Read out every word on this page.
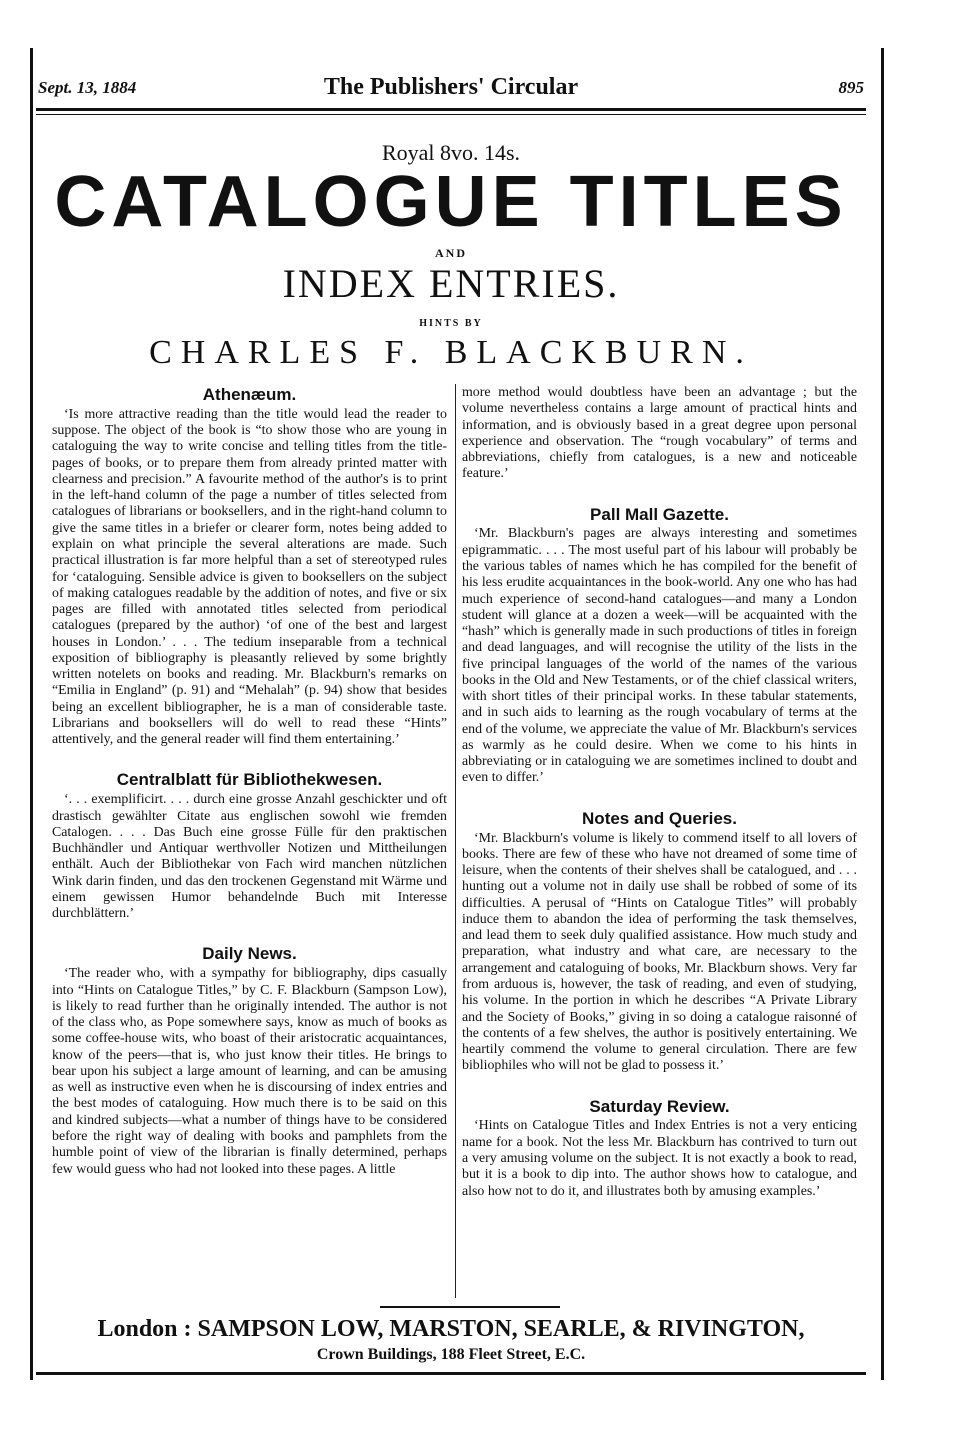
Sept. 13, 1884	The Publishers' Circular	895
Royal 8vo. 14s.
CATALOGUE TITLES
AND
INDEX ENTRIES.
HINTS BY
CHARLES F. BLACKBURN.
Athenæum.

‘Is more attractive reading than the title would lead the reader to suppose. The object of the book is “to show those who are young in cataloguing the way to write concise and telling titles from the title-pages of books, or to prepare them from already printed matter with clearness and precision.” A favourite method of the author's is to print in the left-hand column of the page a number of titles selected from catalogues of librarians or booksellers, and in the right-hand column to give the same titles in a briefer or clearer form, notes being added to explain on what principle the several alterations are made. Such practical illustration is far more helpful than a set of stereotyped rules for ‘cataloguing. Sensible advice is given to booksellers on the subject of making catalogues readable by the addition of notes, and five or six pages are filled with annotated titles selected from periodical catalogues (prepared by the author) ‘of one of the best and largest houses in London.’ . . . The tedium inseparable from a technical exposition of bibliography is pleasantly relieved by some brightly written notelets on books and reading. Mr. Blackburn's remarks on “Emilia in England” (p. 91) and “Mehalah” (p. 94) show that besides being an excellent bibliographer, he is a man of considerable taste. Librarians and booksellers will do well to read these “Hints” attentively, and the general reader will find them entertaining.’

Centralblatt für Bibliothekwesen.

‘. . . exemplificirt. . . . durch eine grosse Anzahl geschickter und oft drastisch gewählter Citate aus englischen sowohl wie fremden Catalogen. . . . Das Buch eine grosse Fülle für den praktischen Buchhändler und Antiquar werthvoller Notizen und Mittheilungen enthält. Auch der Bibliothekar von Fach wird manchen nützlichen Wink darin finden, und das den trockenen Gegenstand mit Wärme und einem gewissen Humor behandelnde Buch mit Interesse durchblättern.’

Daily News.

‘The reader who, with a sympathy for bibliography, dips casually into “Hints on Catalogue Titles,” by C. F. Blackburn (Sampson Low), is likely to read further than he originally intended. The author is not of the class who, as Pope somewhere says, know as much of books as some coffee-house wits, who boast of their aristocratic acquaintances, know of the peers—that is, who just know their titles. He brings to bear upon his subject a large amount of learning, and can be amusing as well as instructive even when he is discoursing of index entries and the best modes of cataloguing. How much there is to be said on this and kindred subjects—what a number of things have to be considered before the right way of dealing with books and pamphlets from the humble point of view of the librarian is finally determined, perhaps few would guess who had not looked into these pages. A little

more method would doubtless have been an advantage ; but the volume nevertheless contains a large amount of practical hints and information, and is obviously based in a great degree upon personal experience and observation. The “rough vocabulary” of terms and abbreviations, chiefly from catalogues, is a new and noticeable feature.’

Pall Mall Gazette.

‘Mr. Blackburn's pages are always interesting and sometimes epigrammatic. . . . The most useful part of his labour will probably be the various tables of names which he has compiled for the benefit of his less erudite acquaintances in the book-world. Any one who has had much experience of second-hand catalogues—and many a London student will glance at a dozen a week—will be acquainted with the “hash” which is generally made in such productions of titles in foreign and dead languages, and will recognise the utility of the lists in the five principal languages of the world of the names of the various books in the Old and New Testaments, or of the chief classical writers, with short titles of their principal works. In these tabular statements, and in such aids to learning as the rough vocabulary of terms at the end of the volume, we appreciate the value of Mr. Blackburn's services as warmly as he could desire. When we come to his hints in abbreviating or in cataloguing we are sometimes inclined to doubt and even to differ.’

Notes and Queries.

‘Mr. Blackburn's volume is likely to commend itself to all lovers of books. There are few of these who have not dreamed of some time of leisure, when the contents of their shelves shall be catalogued, and . . . hunting out a volume not in daily use shall be robbed of some of its difficulties. A perusal of “Hints on Catalogue Titles” will probably induce them to abandon the idea of performing the task themselves, and lead them to seek duly qualified assistance. How much study and preparation, what industry and what care, are necessary to the arrangement and cataloguing of books, Mr. Blackburn shows. Very far from arduous is, however, the task of reading, and even of studying, his volume. In the portion in which he describes “A Private Library and the Society of Books,” giving in so doing a catalogue raisonné of the contents of a few shelves, the author is positively entertaining. We heartily commend the volume to general circulation. There are few bibliophiles who will not be glad to possess it.’

Saturday Review.

‘Hints on Catalogue Titles and Index Entries is not a very enticing name for a book. Not the less Mr. Blackburn has contrived to turn out a very amusing volume on the subject. It is not exactly a book to read, but it is a book to dip into. The author shows how to catalogue, and also how not to do it, and illustrates both by amusing examples.’

London : SAMPSON LOW, MARSTON, SEARLE, & RIVINGTON,
Crown Buildings, 188 Fleet Street, E.C.
